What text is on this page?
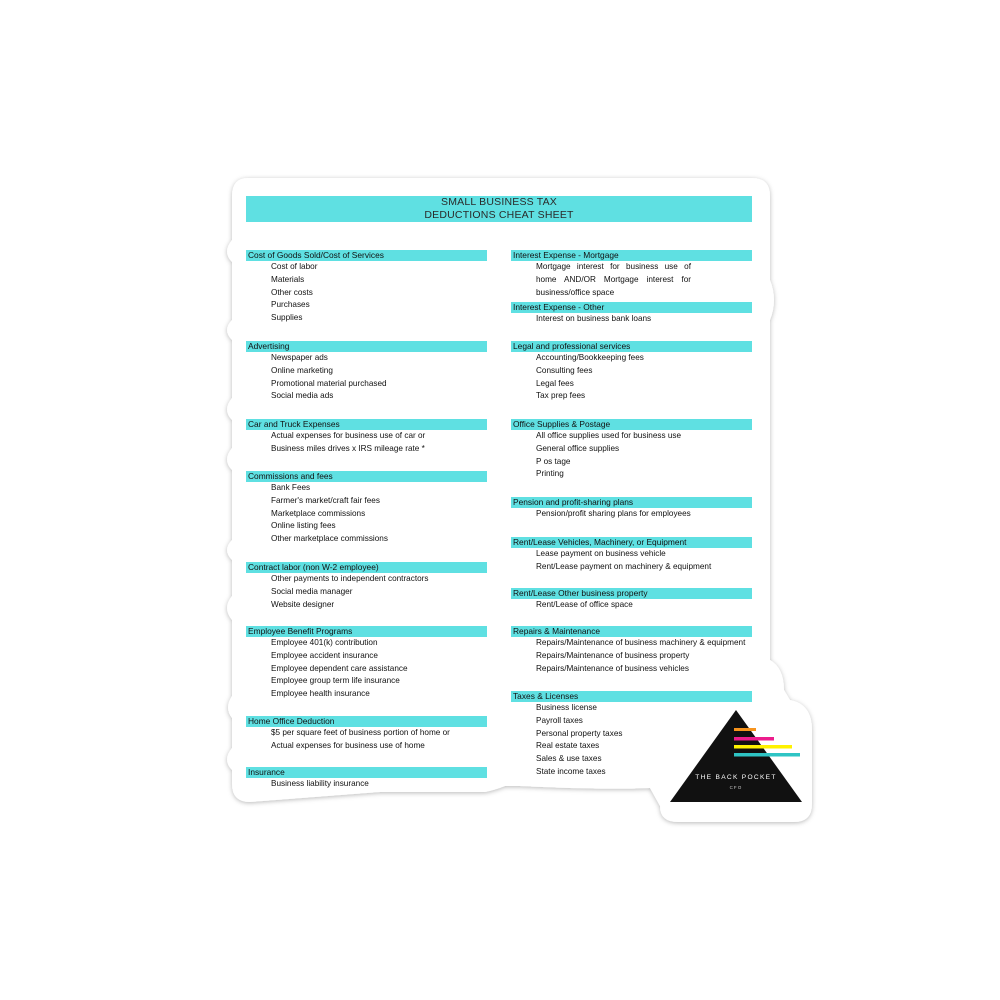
SMALL BUSINESS TAX
DEDUCTIONS CHEAT SHEET
Cost of Goods Sold/Cost of Services
Cost of labor
Materials
Other costs
Purchases
Supplies
Advertising
Newspaper ads
Online marketing
Promotional material purchased
Social media ads
Car and Truck Expenses
Actual expenses for business use of car or
Business miles drives x IRS mileage rate *
Commissions and fees
Bank Fees
Farmer's market/craft fair fees
Marketplace commissions
Online listing fees
Other marketplace commissions
Contract labor (non W-2 employee)
Other payments to independent contractors
Social media manager
Website designer
Employee Benefit Programs
Employee 401(k) contribution
Employee accident insurance
Employee dependent care assistance
Employee group term life insurance
Employee health insurance
Home Office Deduction
$5 per square feet of business portion of home or
Actual expenses for business use of home
Insurance
Business liability insurance
Interest Expense - Mortgage
Mortgage interest for business use of home AND/OR Mortgage interest for business/office space
Interest Expense - Other
Interest on business bank loans
Legal and professional services
Accounting/Bookkeeping fees
Consulting fees
Legal fees
Tax prep fees
Office Supplies & Postage
All office supplies used for business use
General office supplies
P os tage
Printing
Pension and profit-sharing plans
Pension/profit sharing plans for employees
Rent/Lease Vehicles, Machinery, or Equipment
Lease payment on business vehicle
Rent/Lease payment on machinery & equipment
Rent/Lease Other business property
Rent/Lease of office space
Repairs & Maintenance
Repairs/Maintenance of business machinery & equipment
Repairs/Maintenance of business property
Repairs/Maintenance of business vehicles
Taxes & Licenses
Business license
Payroll taxes
Personal property taxes
Real estate taxes
Sales & use taxes
State income taxes
THE BACK POCKET
CFO
